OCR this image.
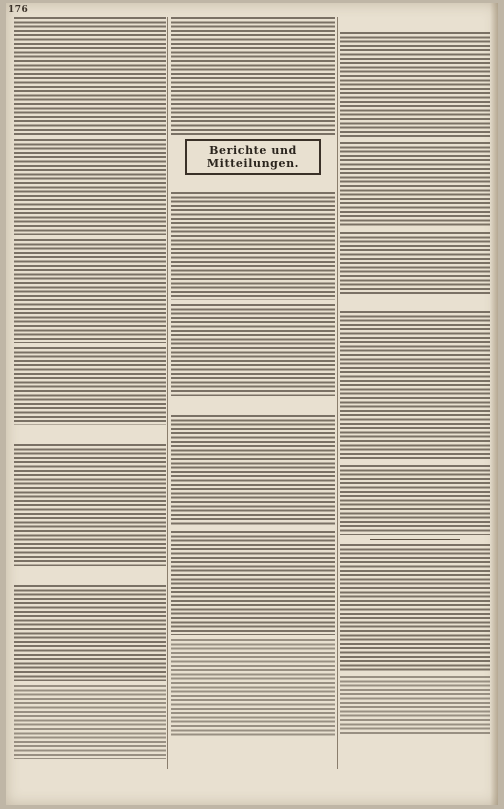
176

Berichte und Mitteilungen.
